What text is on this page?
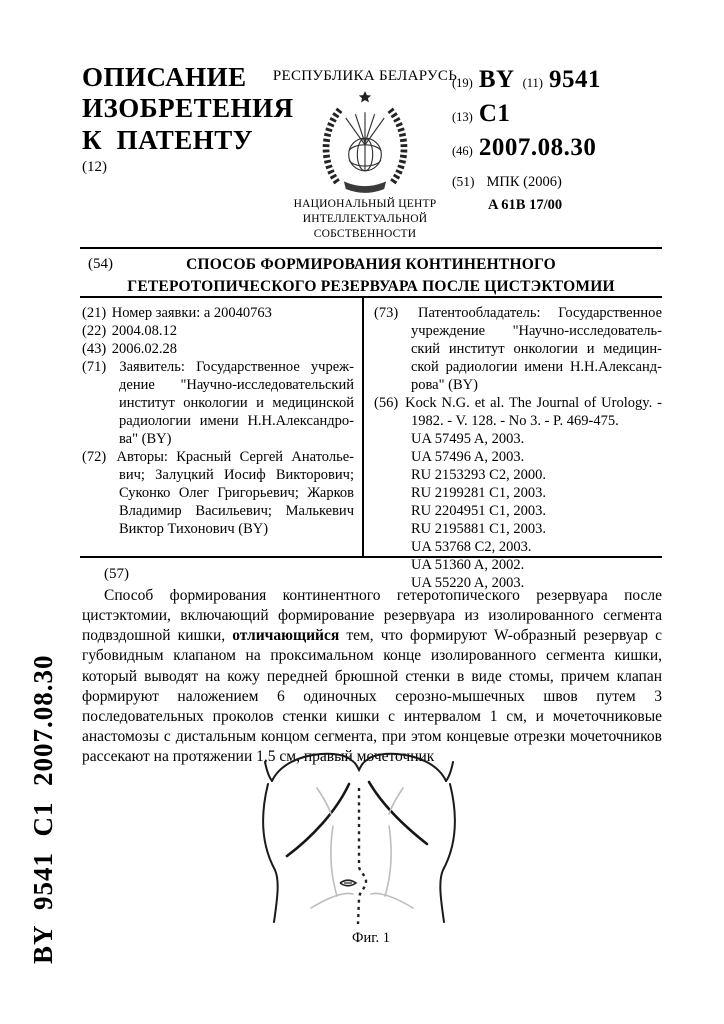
ОПИСАНИЕ
ИЗОБРЕТЕНИЯ
К  ПАТЕНТУ
(12)
РЕСПУБЛИКА БЕЛАРУСЬ
НАЦИОНАЛЬНЫЙ ЦЕНТР
ИНТЕЛЛЕКТУАЛЬНОЙ
СОБСТВЕННОСТИ
(19) BY (11) 9541
(13) C1
(46) 2007.08.30
(51) МПК (2006)
A 61B 17/00
(54)	СПОСОБ ФОРМИРОВАНИЯ КОНТИНЕНТНОГО
ГЕТЕРОТОПИЧЕСКОГО РЕЗЕРВУАРА ПОСЛЕ ЦИСТЭКТОМИИ
(21) Номер заявки: a 20040763
(22) 2004.08.12
(43) 2006.02.28
(71) Заявитель: Государственное учреждение "Научно-исследовательский институт онкологии и медицинской радиологии имени Н.Н.Александрова" (BY)
(72) Авторы: Красный Сергей Анатольевич; Залуцкий Иосиф Викторович; Суконко Олег Григорьевич; Жарков Владимир Васильевич; Малькевич Виктор Тихонович (BY)
(73) Патентообладатель: Государственное учреждение "Научно-исследовательский институт онкологии и медицинской радиологии имени Н.Н.Александрова" (BY)
(56) Kock N.G. et al. The Journal of Urology. - 1982. - V. 128. - No 3. - P. 469-475.
UA 57495 A, 2003.
UA 57496 A, 2003.
RU 2153293 C2, 2000.
RU 2199281 C1, 2003.
RU 2204951 C1, 2003.
RU 2195881 C1, 2003.
UA 53768 C2, 2003.
UA 51360 A, 2002.
UA 55220 A, 2003.
(57)

Способ формирования континентного гетеротопического резервуара после цистэктомии, включающий формирование резервуара из изолированного сегмента подвздошной кишки, отличающийся тем, что формируют W-образный резервуар с губовидным клапаном на проксимальном конце изолированного сегмента кишки, который выводят на кожу передней брюшной стенки в виде стомы, причем клапан формируют наложением 6 одиночных серозно-мышечных швов путем 3 последовательных проколов стенки кишки с интервалом 1 см, и мочеточниковые анастомозы с дистальным концом сегмента, при этом концевые отрезки мочеточников рассекают на протяжении 1,5 см, правый мочеточник

Фиг. 1
BY  9541  C1  2007.08.30
